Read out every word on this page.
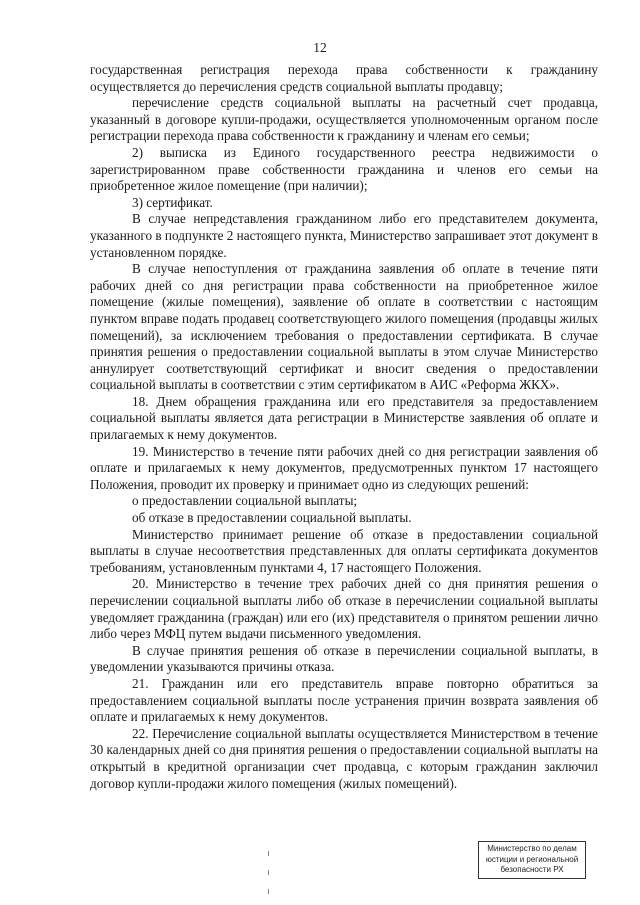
12

государственная регистрация перехода права собственности к гражданину осуществляется до перечисления средств социальной выплаты продавцу;

перечисление средств социальной выплаты на расчетный счет продавца, указанный в договоре купли-продажи, осуществляется уполномоченным органом после регистрации перехода права собственности к гражданину и членам его семьи;

2) выписка из Единого государственного реестра недвижимости о зарегистрированном праве собственности гражданина и членов его семьи на приобретенное жилое помещение (при наличии);

3) сертификат.

В случае непредставления гражданином либо его представителем документа, указанного в подпункте 2 настоящего пункта, Министерство запрашивает этот документ в установленном порядке.

В случае непоступления от гражданина заявления об оплате в течение пяти рабочих дней со дня регистрации права собственности на приобретенное жилое помещение (жилые помещения), заявление об оплате в соответствии с настоящим пунктом вправе подать продавец соответствующего жилого помещения (продавцы жилых помещений), за исключением требования о предоставлении сертификата. В случае принятия решения о предоставлении социальной выплаты в этом случае Министерство аннулирует соответствующий сертификат и вносит сведения о предоставлении социальной выплаты в соответствии с этим сертификатом в АИС «Реформа ЖКХ».

18. Днем обращения гражданина или его представителя за предоставлением социальной выплаты является дата регистрации в Министерстве заявления об оплате и прилагаемых к нему документов.

19. Министерство в течение пяти рабочих дней со дня регистрации заявления об оплате и прилагаемых к нему документов, предусмотренных пунктом 17 настоящего Положения, проводит их проверку и принимает одно из следующих решений:

о предоставлении социальной выплаты;

об отказе в предоставлении социальной выплаты.

Министерство принимает решение об отказе в предоставлении социальной выплаты в случае несоответствия представленных для оплаты сертификата документов требованиям, установленным пунктами 4, 17 настоящего Положения.

20. Министерство в течение трех рабочих дней со дня принятия решения о перечислении социальной выплаты либо об отказе в перечислении социальной выплаты уведомляет гражданина (граждан) или его (их) представителя о принятом решении лично либо через МФЦ путем выдачи письменного уведомления.

В случае принятия решения об отказе в перечислении социальной выплаты, в уведомлении указываются причины отказа.

21. Гражданин или его представитель вправе повторно обратиться за предоставлением социальной выплаты после устранения причин возврата заявления об оплате и прилагаемых к нему документов.

22. Перечисление социальной выплаты осуществляется Министерством в течение 30 календарных дней со дня принятия решения о предоставлении социальной выплаты на открытый в кредитной организации счет продавца, с которым гражданин заключил договор купли-продажи жилого помещения (жилых помещений).

Министерство по делам
юстиции и региональной
безопасности РХ
